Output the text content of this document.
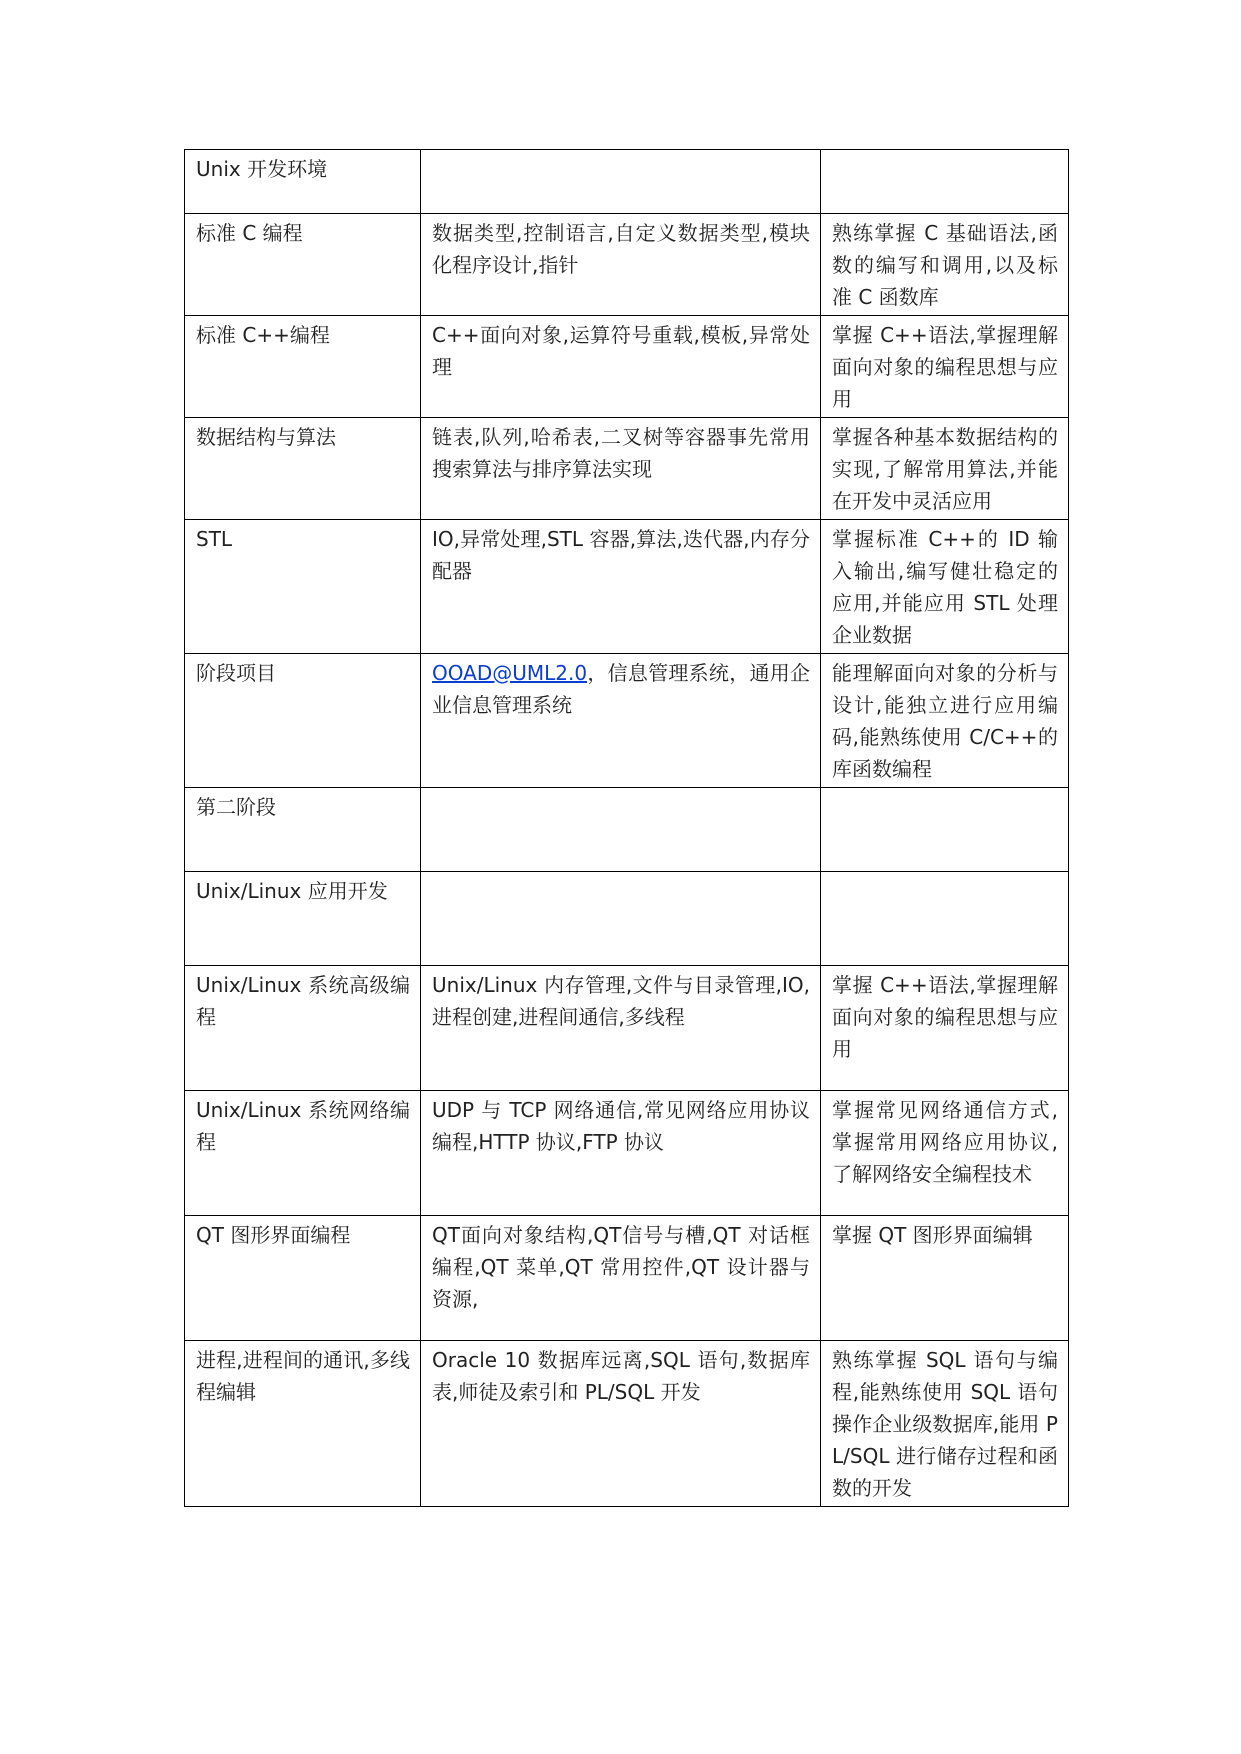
Unix 开发环境		
标准 C 编程	数据类型,控制语言,自定义数据类型,模块化程序设计,指针	熟练掌握 C 基础语法,函数的编写和调用,以及标准 C 函数库
标准 C++编程	C++面向对象,运算符号重载,模板,异常处理	掌握 C++语法,掌握理解面向对象的编程思想与应用
数据结构与算法	链表,队列,哈希表,二叉树等容器事先常用搜索算法与排序算法实现	掌握各种基本数据结构的实现,了解常用算法,并能在开发中灵活应用
STL	IO,异常处理,STL 容器,算法,迭代器,内存分配器	掌握标准 C++的 ID 输入输出,编写健壮稳定的应用,并能应用 STL 处理企业数据
阶段项目	OOAD@UML2.0，信息管理系统，通用企业信息管理系统	能理解面向对象的分析与设计,能独立进行应用编码,能熟练使用 C/C++的库函数编程
第二阶段		
Unix/Linux 应用开发		
Unix/Linux 系统高级编程	Unix/Linux 内存管理,文件与目录管理,IO,进程创建,进程间通信,多线程	掌握 C++语法,掌握理解面向对象的编程思想与应用
Unix/Linux 系统网络编程	UDP 与 TCP 网络通信,常见网络应用协议编程,HTTP 协议,FTP 协议	掌握常见网络通信方式,掌握常用网络应用协议,了解网络安全编程技术
QT 图形界面编程	QT面向对象结构,QT信号与槽,QT 对话框编程,QT 菜单,QT 常用控件,QT 设计器与资源,	掌握 QT 图形界面编辑
进程,进程间的通讯,多线程编辑	Oracle 10 数据库远离,SQL 语句,数据库表,师徒及索引和 PL/SQL 开发	熟练掌握 SQL 语句与编程,能熟练使用 SQL 语句操作企业级数据库,能用 PL/SQL 进行储存过程和函数的开发
